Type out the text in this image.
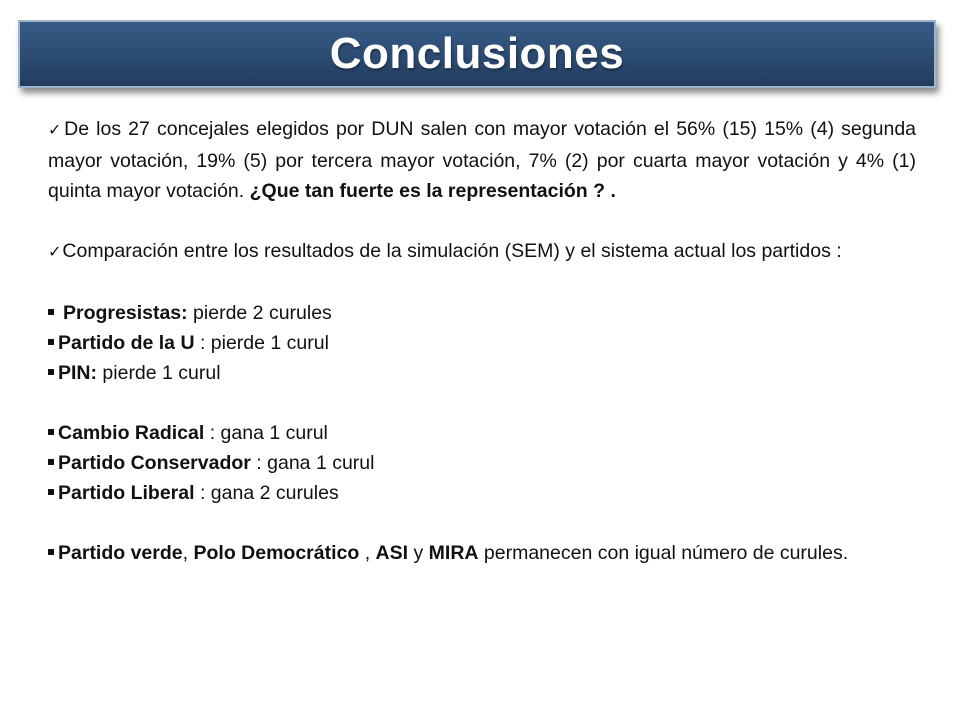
Conclusiones

✓De los 27 concejales elegidos por DUN salen con mayor votación el 56% (15) 15% (4) segunda mayor votación, 19% (5) por tercera mayor votación, 7% (2) por cuarta mayor votación y 4% (1) quinta mayor votación. ¿Que tan fuerte es la representación ? .

✓Comparación entre los resultados de la simulación (SEM) y el sistema actual los partidos :

Progresistas: pierde 2 curules

Partido de la U : pierde 1 curul

PIN: pierde 1 curul

Cambio Radical : gana 1 curul

Partido Conservador : gana 1 curul

Partido Liberal : gana 2 curules

Partido verde, Polo Democrático , ASI y MIRA permanecen con igual número de curules.
